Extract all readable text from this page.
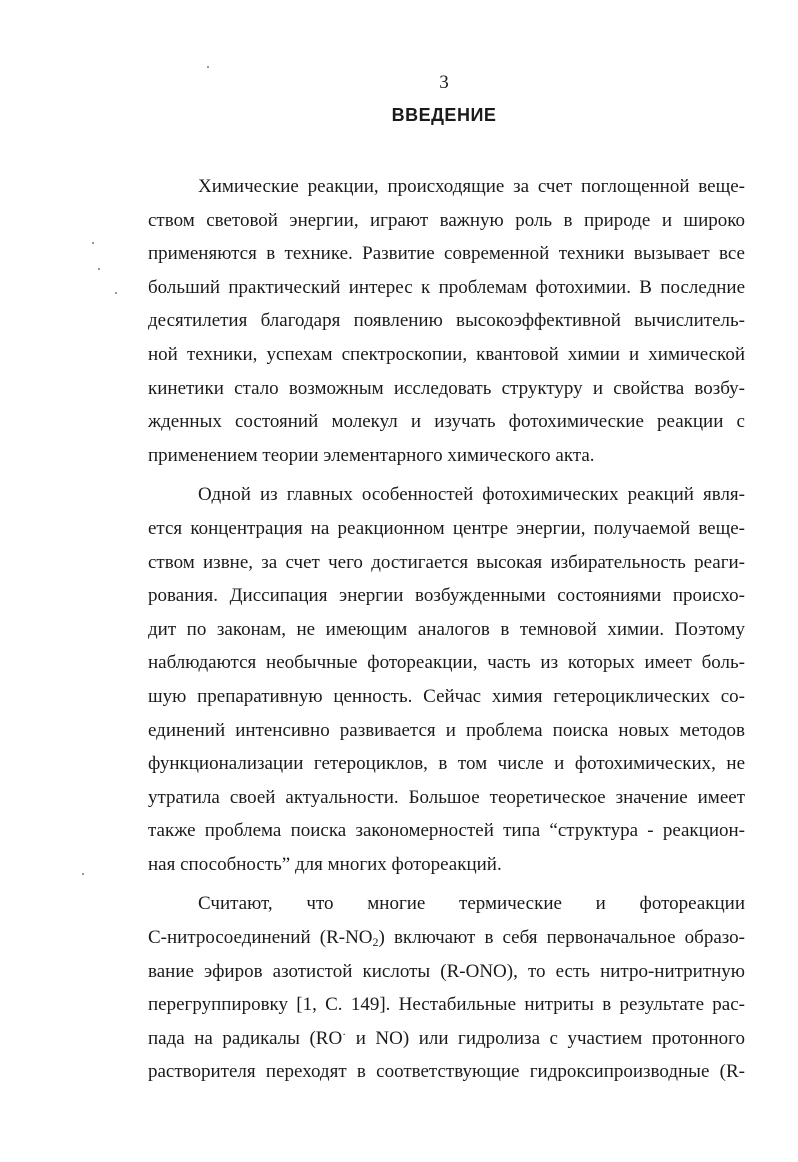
3
ВВЕДЕНИЕ
Химические реакции, происходящие за счет поглощенной веще-
ством световой энергии, играют важную роль в природе и широко
применяются в технике. Развитие современной техники вызывает все
больший практический интерес к проблемам фотохимии. В последние
десятилетия благодаря появлению высокоэффективной вычислитель-
ной техники, успехам спектроскопии, квантовой химии и химической
кинетики стало возможным исследовать структуру и свойства возбу-
жденных состояний молекул и изучать фотохимические реакции с
применением теории элементарного химического акта.
Одной из главных особенностей фотохимических реакций явля-
ется концентрация на реакционном центре энергии, получаемой веще-
ством извне, за счет чего достигается высокая избирательность реаги-
рования. Диссипация энергии возбужденными состояниями происхо-
дит по законам, не имеющим аналогов в темновой химии. Поэтому
наблюдаются необычные фотореакции, часть из которых имеет боль-
шую препаративную ценность. Сейчас химия гетероциклических со-
единений интенсивно развивается и проблема поиска новых методов
функционализации гетероциклов, в том числе и фотохимических, не
утратила своей актуальности. Большое теоретическое значение имеет
также проблема поиска закономерностей типа “структура - реакцион-
ная способность” для многих фотореакций.
Считают,     что     многие     термические     и     фотореакции
С-нитросоединений $(R-NO_2)$ включают в себя первоначальное образо-
вание эфиров азотистой кислоты (R-ONO), то есть нитро-нитритную
перегруппировку [1, С. 149]. Нестабильные нитриты в результате рас-
пада на радикалы (RO· и NO) или гидролиза с участием протонного
растворителя переходят в соответствующие гидроксипроизводные (R-
